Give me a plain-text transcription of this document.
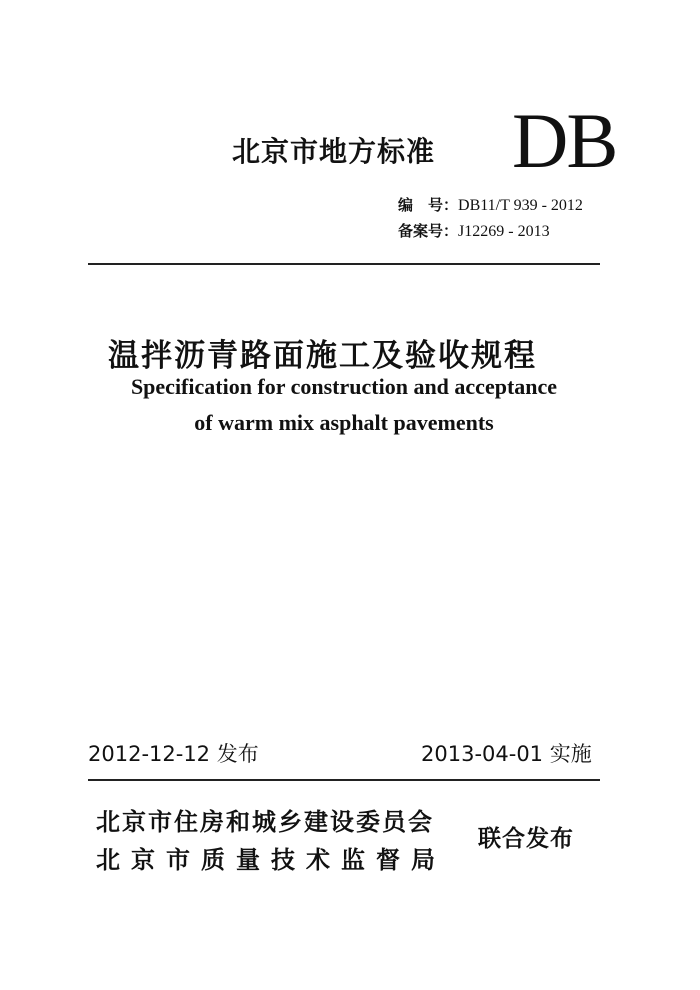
北京市地方标准 DB
编　号：DB11/T 939 - 2012
备案号：J12269 - 2013
温拌沥青路面施工及验收规程
Specification for construction and acceptance
of warm mix asphalt pavements
2012-12-12 发布	2013-04-01 实施
北京市住房和城乡建设委员会
北京市质量技术监督局
联合发布
